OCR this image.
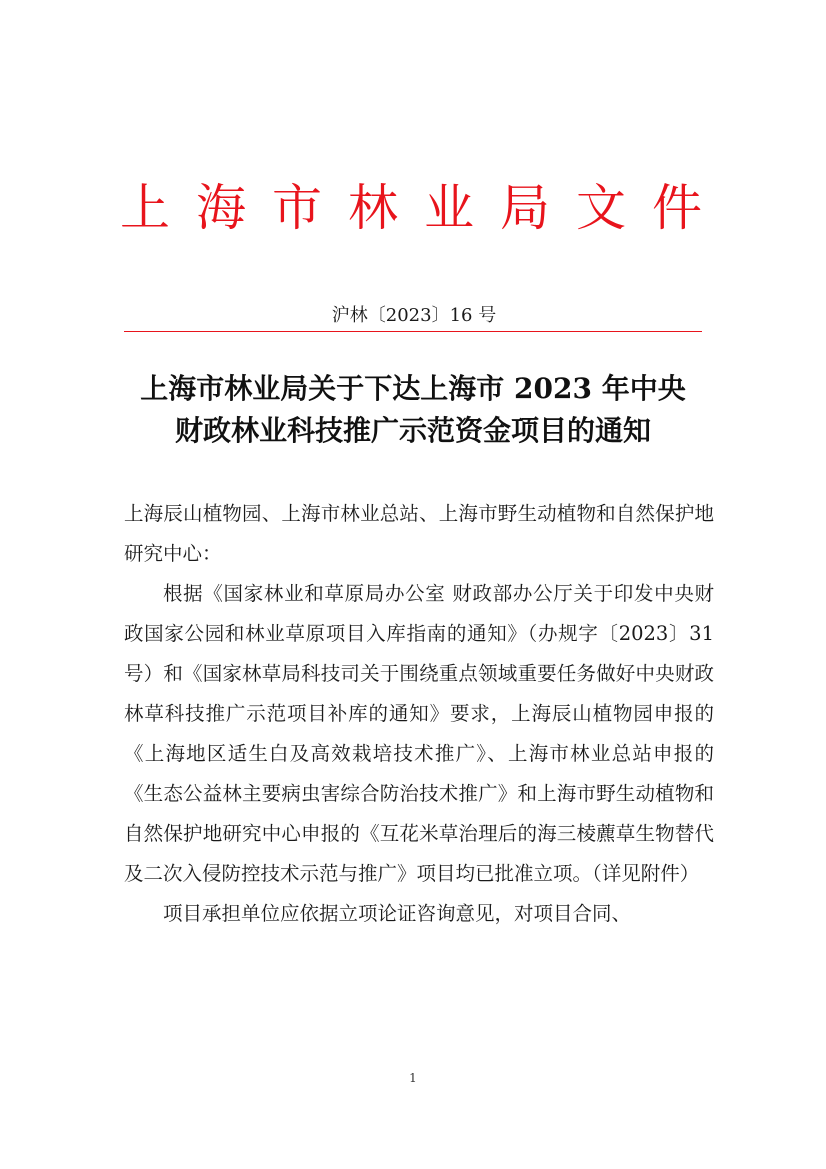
上海市林业局文件
沪林〔2023〕16 号
上海市林业局关于下达上海市 2023 年中央
财政林业科技推广示范资金项目的通知

上海辰山植物园、上海市林业总站、上海市野生动植物和自然保护地研究中心：

根据《国家林业和草原局办公室 财政部办公厅关于印发中央财政国家公园和林业草原项目入库指南的通知》（办规字〔2023〕31 号）和《国家林草局科技司关于围绕重点领域重要任务做好中央财政林草科技推广示范项目补库的通知》要求，上海辰山植物园申报的《上海地区适生白及高效栽培技术推广》、上海市林业总站申报的《生态公益林主要病虫害综合防治技术推广》和上海市野生动植物和自然保护地研究中心申报的《互花米草治理后的海三棱藨草生物替代及二次入侵防控技术示范与推广》项目均已批准立项。（详见附件）

项目承担单位应依据立项论证咨询意见，对项目合同、

1
